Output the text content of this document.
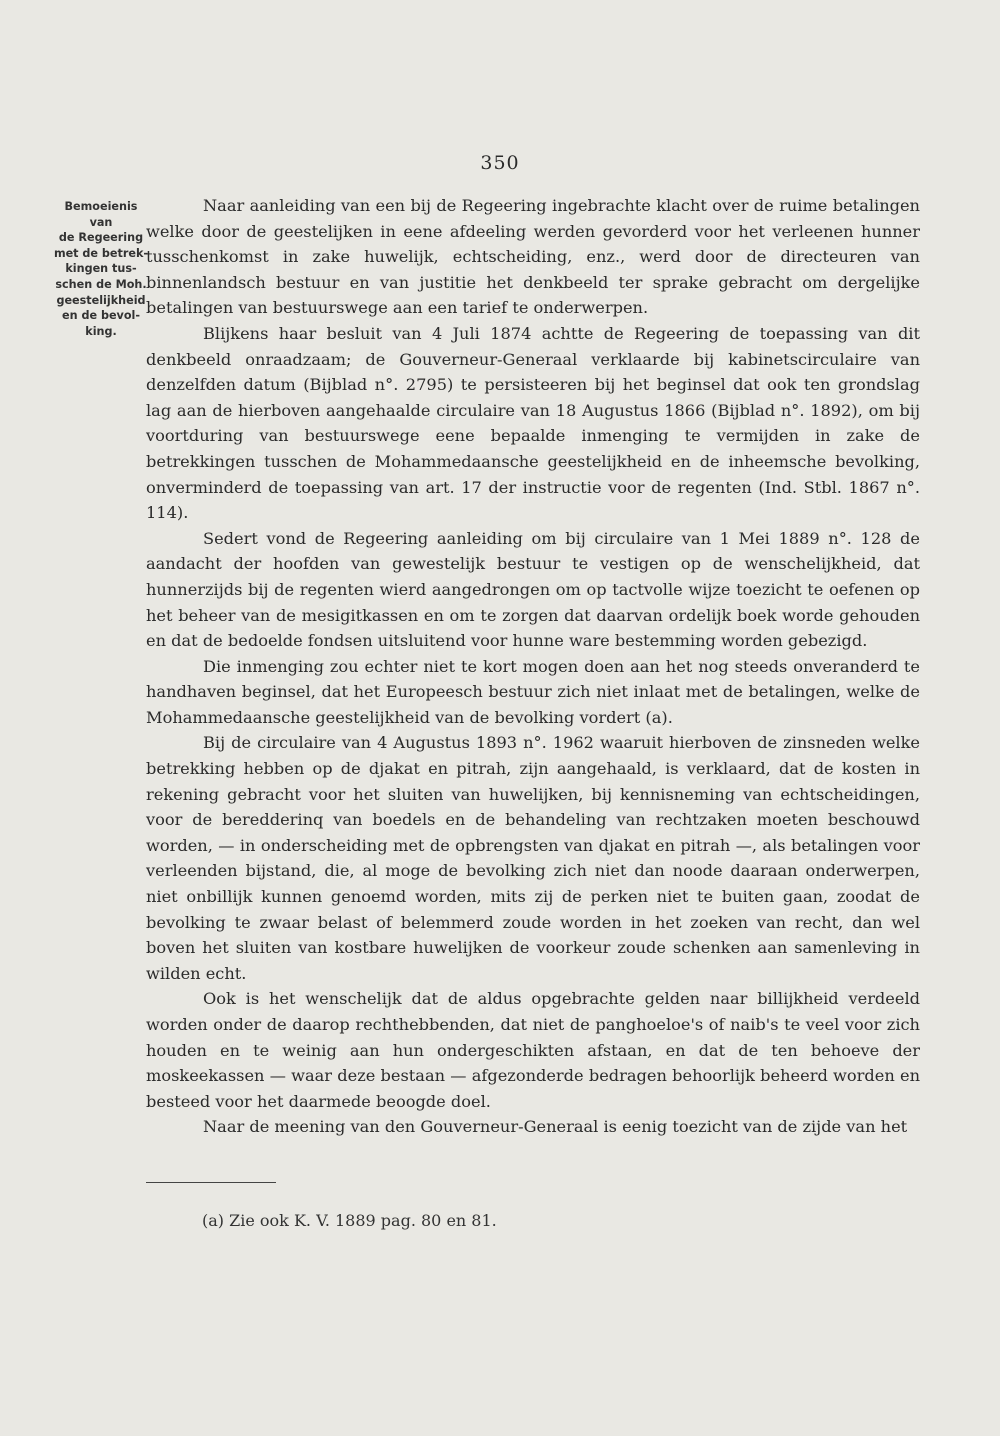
350
Bemoeienis van
de Regeering
met de betrek-
kingen tus-
schen de Moh.
geestelijkheid
en de bevol-
king.

Naar aanleiding van een bij de Regeering ingebrachte klacht over de ruime betalingen welke door de geestelijken in eene afdeeling werden gevorderd voor het verleenen hunner tusschenkomst in zake huwelijk, echtscheiding, enz., werd door de directeuren van binnenlandsch bestuur en van justitie het denkbeeld ter sprake gebracht om dergelijke betalingen van bestuurswege aan een tarief te onderwerpen.

Blijkens haar besluit van 4 Juli 1874 achtte de Regeering de toepassing van dit denkbeeld onraadzaam; de Gouverneur-Generaal verklaarde bij kabinetscirculaire van denzelfden datum (Bijblad n°. 2795) te persisteeren bij het beginsel dat ook ten grondslag lag aan de hierboven aangehaalde circulaire van 18 Augustus 1866 (Bijblad n°. 1892), om bij voortduring van bestuurswege eene bepaalde inmenging te vermijden in zake de betrekkingen tusschen de Mohammedaansche geestelijkheid en de inheemsche bevolking, onverminderd de toepassing van art. 17 der instructie voor de regenten (Ind. Stbl. 1867 n°. 114).

Sedert vond de Regeering aanleiding om bij circulaire van 1 Mei 1889 n°. 128 de aandacht der hoofden van gewestelijk bestuur te vestigen op de wenschelijkheid, dat hunnerzijds bij de regenten wierd aangedrongen om op tactvolle wijze toezicht te oefenen op het beheer van de mesigitkassen en om te zorgen dat daarvan ordelijk boek worde gehouden en dat de bedoelde fondsen uitsluitend voor hunne ware bestemming worden gebezigd.

Die inmenging zou echter niet te kort mogen doen aan het nog steeds onveranderd te handhaven beginsel, dat het Europeesch bestuur zich niet inlaat met de betalingen, welke de Mohammedaansche geestelijkheid van de bevolking vordert (a).

Bij de circulaire van 4 Augustus 1893 n°. 1962 waaruit hierboven de zinsneden welke betrekking hebben op de djakat en pitrah, zijn aangehaald, is verklaard, dat de kosten in rekening gebracht voor het sluiten van huwelijken, bij kennisneming van echtscheidingen, voor de beredderinq van boedels en de behandeling van rechtzaken moeten beschouwd worden, — in onderscheiding met de opbrengsten van djakat en pitrah —, als betalingen voor verleenden bijstand, die, al moge de bevolking zich niet dan noode daaraan onderwerpen, niet onbillijk kunnen genoemd worden, mits zij de perken niet te buiten gaan, zoodat de bevolking te zwaar belast of belemmerd zoude worden in het zoeken van recht, dan wel boven het sluiten van kostbare huwelijken de voorkeur zoude schenken aan samenleving in wilden echt.

Ook is het wenschelijk dat de aldus opgebrachte gelden naar billijkheid verdeeld worden onder de daarop rechthebbenden, dat niet de panghoeloe's of naib's te veel voor zich houden en te weinig aan hun ondergeschikten afstaan, en dat de ten behoeve der moskeekassen — waar deze bestaan — afgezonderde bedragen behoorlijk beheerd worden en besteed voor het daarmede beoogde doel.

Naar de meening van den Gouverneur-Generaal is eenig toezicht van de zijde van het

(a) Zie ook K. V. 1889 pag. 80 en 81.
